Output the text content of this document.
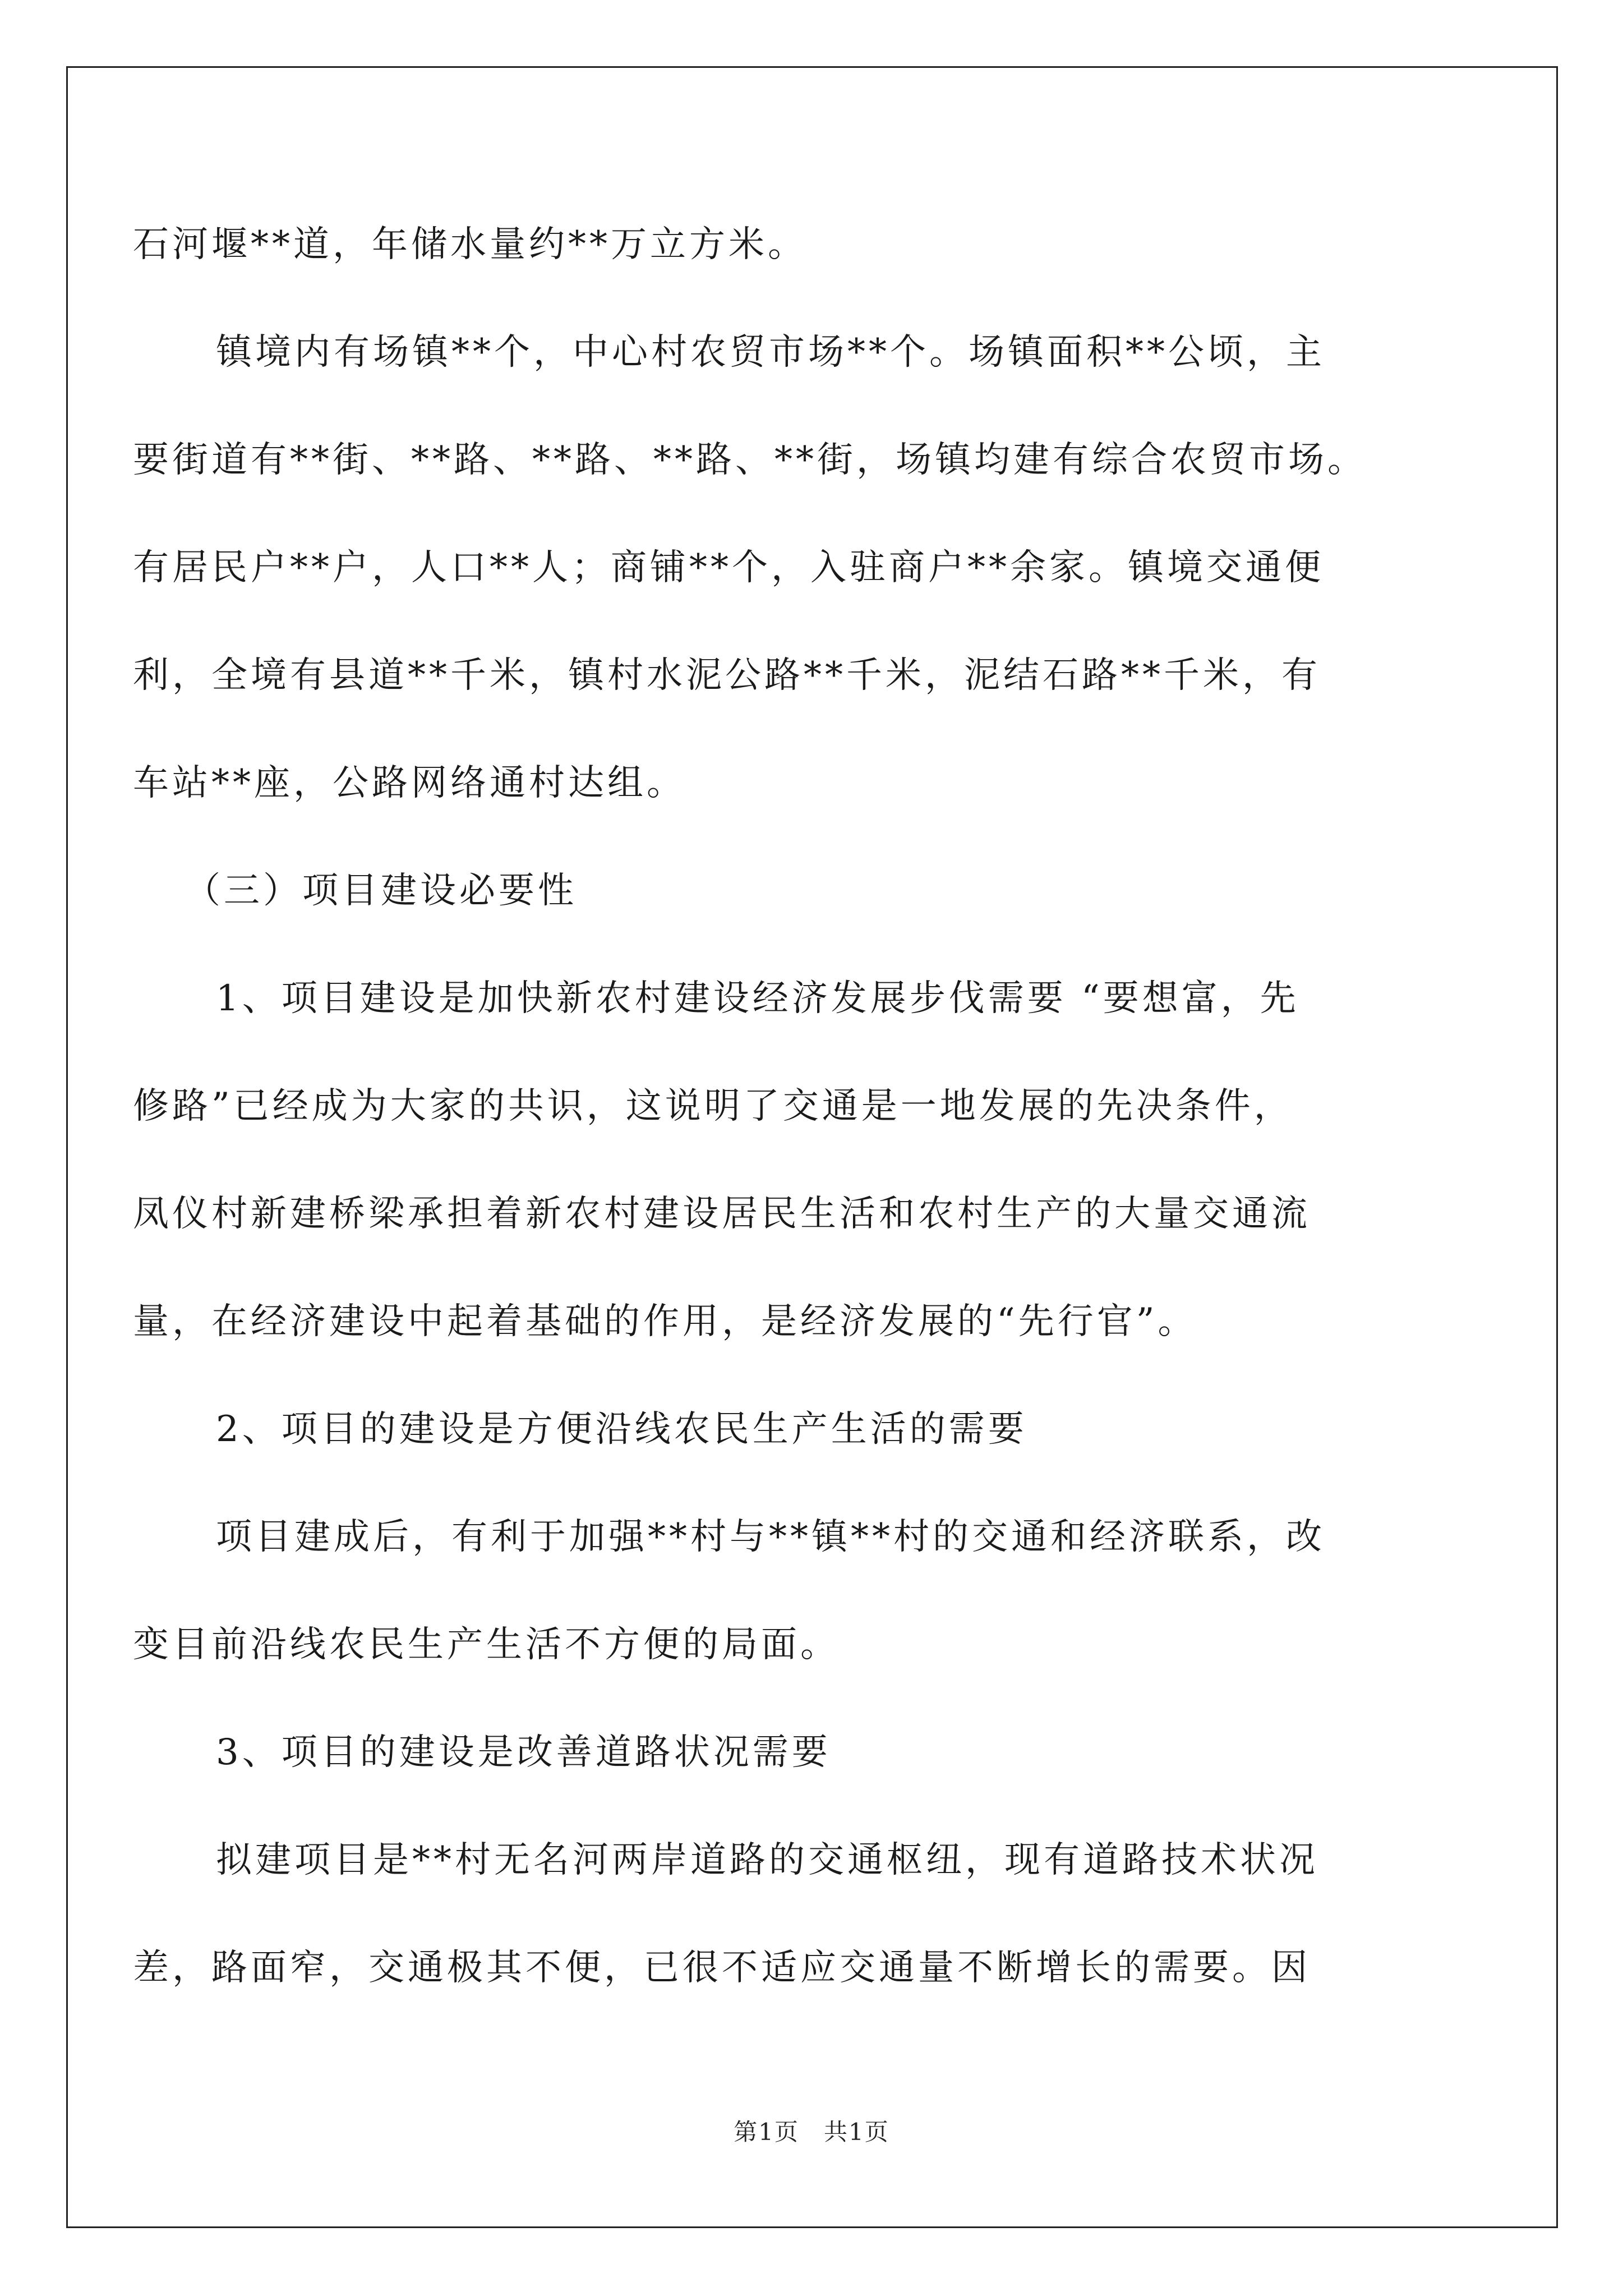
石河堰**道，年储水量约**万立方米。
镇境内有场镇**个，中心村农贸市场**个。场镇面积**公顷，主
要街道有**街、**路、**路、**路、**街，场镇均建有综合农贸市场。
有居民户**户，人口**人；商铺**个，入驻商户**余家。镇境交通便
利，全境有县道**千米，镇村水泥公路**千米，泥结石路**千米，有
车站**座，公路网络通村达组。
（三）项目建设必要性
1、项目建设是加快新农村建设经济发展步伐需要 “要想富，先
修路”已经成为大家的共识，这说明了交通是一地发展的先决条件，
凤仪村新建桥梁承担着新农村建设居民生活和农村生产的大量交通流
量，在经济建设中起着基础的作用，是经济发展的“先行官”。
2、项目的建设是方便沿线农民生产生活的需要
项目建成后，有利于加强**村与**镇**村的交通和经济联系，改
变目前沿线农民生产生活不方便的局面。
3、项目的建设是改善道路状况需要
拟建项目是**村无名河两岸道路的交通枢纽，现有道路技术状况
差，路面窄，交通极其不便，已很不适应交通量不断增长的需要。因
第1页　共1页
